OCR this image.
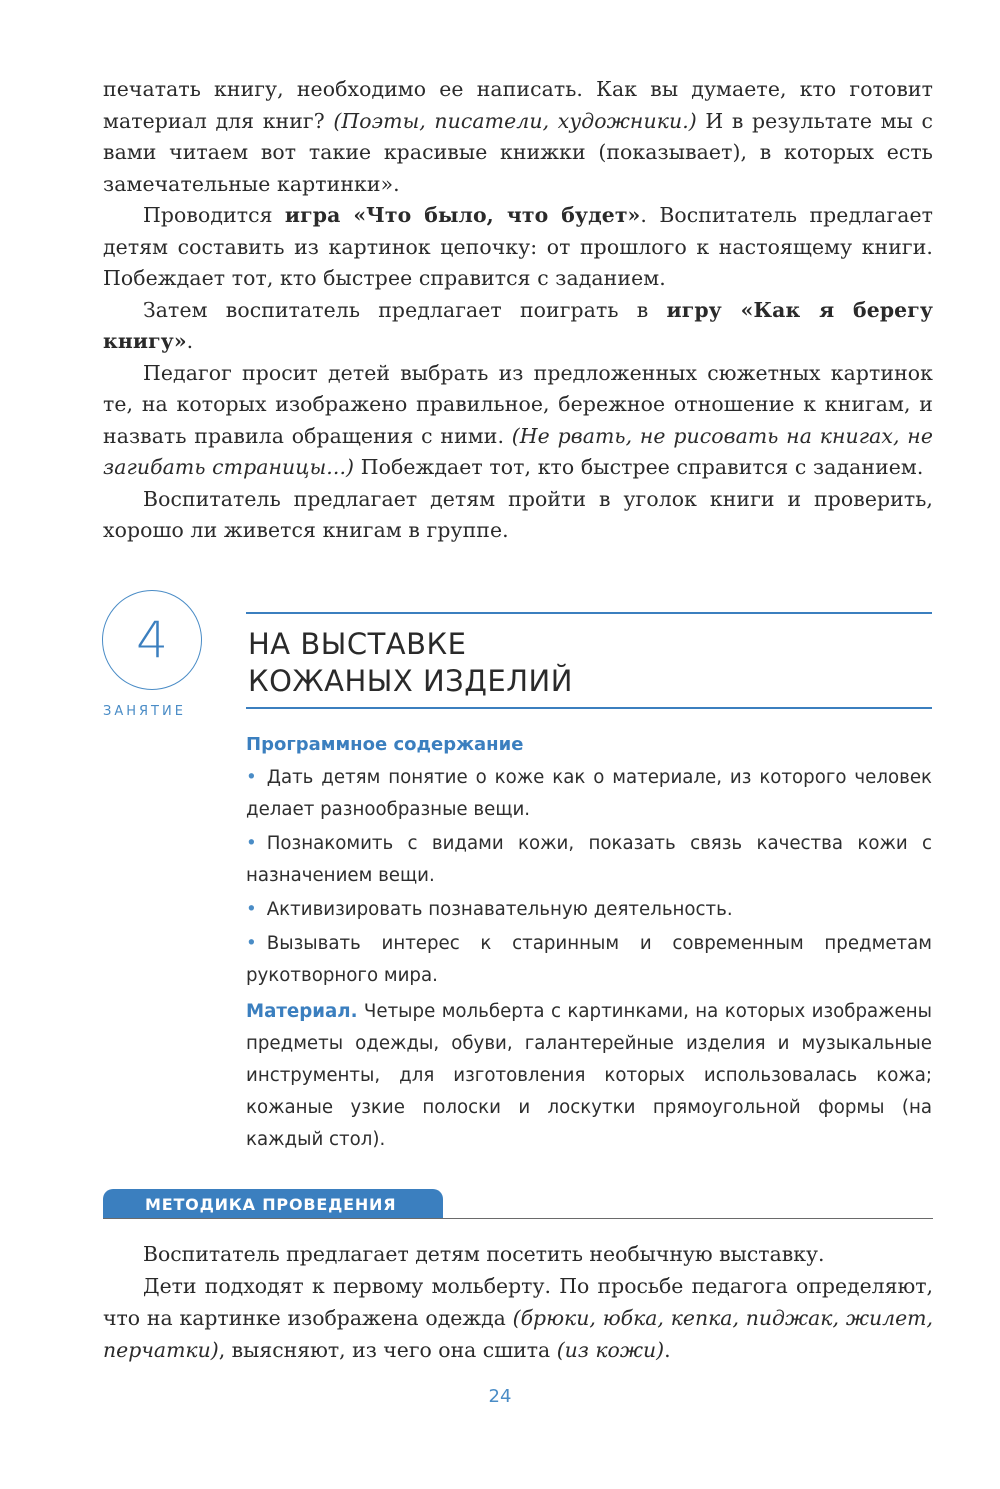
печатать книгу, необходимо ее написать. Как вы думаете, кто готовит материал для книг? (Поэты, писатели, художники.) И в результате мы с вами читаем вот такие красивые книжки (показывает), в которых есть замечательные картинки».

Проводится игра «Что было, что будет». Воспитатель предлагает детям составить из картинок цепочку: от прошлого к настоящему книги. Побеждает тот, кто быстрее справится с заданием.

Затем воспитатель предлагает поиграть в игру «Как я берегу книгу».

Педагог просит детей выбрать из предложенных сюжетных картинок те, на которых изображено правильное, бережное отношение к книгам, и назвать правила обращения с ними. (Не рвать, не рисовать на книгах, не загибать страницы...) Побеждает тот, кто быстрее справится с заданием.

Воспитатель предлагает детям пройти в уголок книги и проверить, хорошо ли живется книгам в группе.

4
ЗАНЯТИЕ
НА ВЫСТАВКЕ
КОЖАНЫХ ИЗДЕЛИЙ
Программное содержание
• Дать детям понятие о коже как о материале, из которого человек делает разнообразные вещи.
• Познакомить с видами кожи, показать связь качества кожи с назначением вещи.
• Активизировать познавательную деятельность.
• Вызывать интерес к старинным и современным предметам рукотворного мира.
Материал. Четыре мольберта с картинками, на которых изображены предметы одежды, обуви, галантерейные изделия и музыкальные инструменты, для изготовления которых использовалась кожа; кожаные узкие полоски и лоскутки прямоугольной формы (на каждый стол).
МЕТОДИКА ПРОВЕДЕНИЯ

Воспитатель предлагает детям посетить необычную выставку.

Дети подходят к первому мольберту. По просьбе педагога определяют, что на картинке изображена одежда (брюки, юбка, кепка, пиджак, жилет, перчатки), выясняют, из чего она сшита (из кожи).

24
